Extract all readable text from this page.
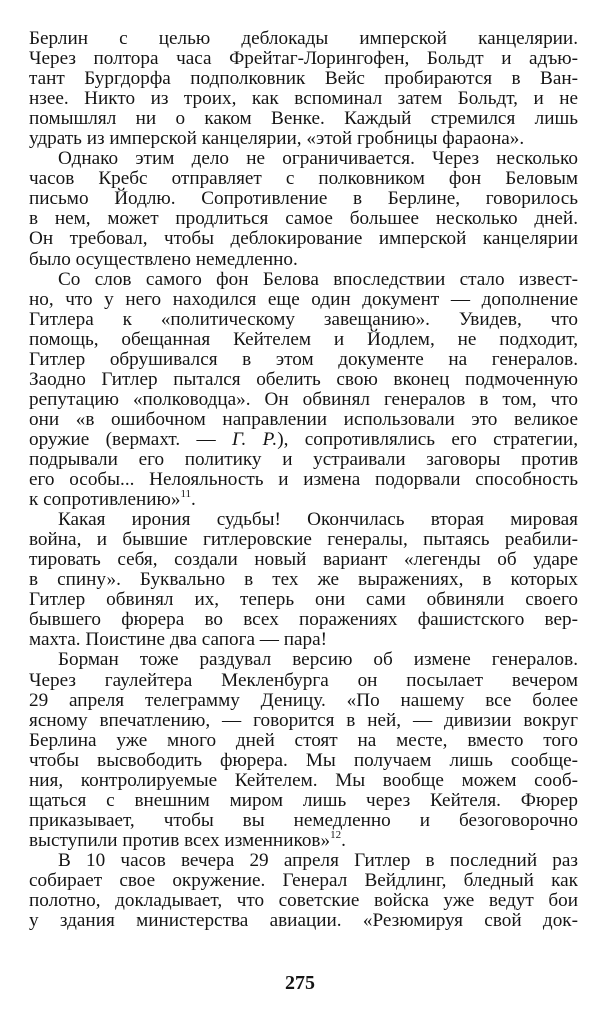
Берлин с целью деблокады имперской канцелярии.
Через полтора часа Фрейтаг-Лорингофен, Больдт и адъю-
тант Бургдорфа подполковник Вейс пробираются в Ван-
нзее. Никто из троих, как вспоминал затем Больдт, и не
помышлял ни о каком Венке. Каждый стремился лишь
удрать из имперской канцелярии, «этой гробницы фараона».
Однако этим дело не ограничивается. Через несколько
часов Кребс отправляет с полковником фон Беловым
письмо Йодлю. Сопротивление в Берлине, говорилось
в нем, может продлиться самое большее несколько дней.
Он требовал, чтобы деблокирование имперской канцелярии
было осуществлено немедленно.
Со слов самого фон Белова впоследствии стало извест-
но, что у него находился еще один документ — дополнение
Гитлера к «политическому завещанию». Увидев, что
помощь, обещанная Кейтелем и Йодлем, не подходит,
Гитлер обрушивался в этом документе на генералов.
Заодно Гитлер пытался обелить свою вконец подмоченную
репутацию «полководца». Он обвинял генералов в том, что
они «в ошибочном направлении использовали это великое
оружие (вермахт. — Г. Р.), сопротивлялись его стратегии,
подрывали его политику и устраивали заговоры против
его особы... Нелояльность и измена подорвали способность
к сопротивлению»$^{11}$.
Какая ирония судьбы! Окончилась вторая мировая
война, и бывшие гитлеровские генералы, пытаясь реабили-
тировать себя, создали новый вариант «легенды об ударе
в спину». Буквально в тех же выражениях, в которых
Гитлер обвинял их, теперь они сами обвиняли своего
бывшего фюрера во всех поражениях фашистского вер-
махта. Поистине два сапога — пара!
Борман тоже раздувал версию об измене генералов.
Через гаулейтера Мекленбурга он посылает вечером
29 апреля телеграмму Деницу. «По нашему все более
ясному впечатлению, — говорится в ней, — дивизии вокруг
Берлина уже много дней стоят на месте, вместо того
чтобы высвободить фюрера. Мы получаем лишь сообще-
ния, контролируемые Кейтелем. Мы вообще можем сооб-
щаться с внешним миром лишь через Кейтеля. Фюрер
приказывает, чтобы вы немедленно и безоговорочно
выступили против всех изменников»$^{12}$.
В 10 часов вечера 29 апреля Гитлер в последний раз
собирает свое окружение. Генерал Вейдлинг, бледный как
полотно, докладывает, что советские войска уже ведут бои
у здания министерства авиации. «Резюмируя свой док-
275
